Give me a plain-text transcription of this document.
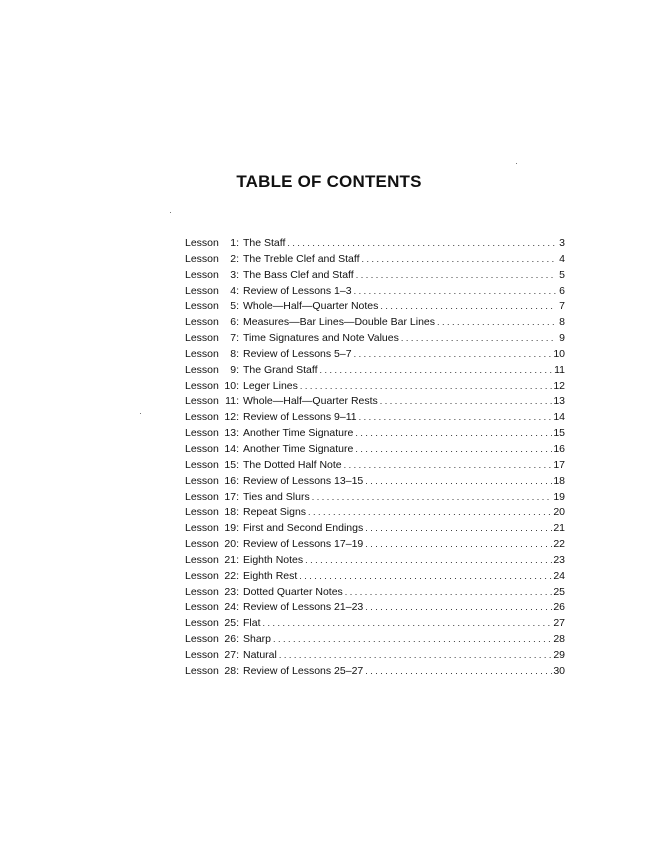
TABLE OF CONTENTS
Lesson	1: The Staff . . .	3
Lesson	2: The Treble Clef and Staff . . .	4
Lesson	3: The Bass Clef and Staff . . .	5
Lesson	4: Review of Lessons 1–3 . . .	6
Lesson	5: Whole—Half—Quarter Notes . . .	7
Lesson	6: Measures—Bar Lines—Double Bar Lines . . .	8
Lesson	7: Time Signatures and Note Values . . .	9
Lesson	8: Review of Lessons 5–7 . . .	10
Lesson	9: The Grand Staff . . .	11
Lesson 10: Leger Lines . . .	12
Lesson 11: Whole—Half—Quarter Rests . . .	13
Lesson 12: Review of Lessons 9–11 . . .	14
Lesson 13: Another Time Signature . . .	15
Lesson 14: Another Time Signature . . .	16
Lesson 15: The Dotted Half Note . . .	17
Lesson 16: Review of Lessons 13–15 . . .	18
Lesson 17: Ties and Slurs . . .	19
Lesson 18: Repeat Signs . . .	20
Lesson 19: First and Second Endings . . .	21
Lesson 20: Review of Lessons 17–19 . . .	22
Lesson 21: Eighth Notes . . .	23
Lesson 22: Eighth Rest . . .	24
Lesson 23: Dotted Quarter Notes . . .	25
Lesson 24: Review of Lessons 21–23 . . .	26
Lesson 25: Flat . . .	27
Lesson 26: Sharp . . .	28
Lesson 27: Natural . . .	29
Lesson 28: Review of Lessons 25–27 . . .	30
